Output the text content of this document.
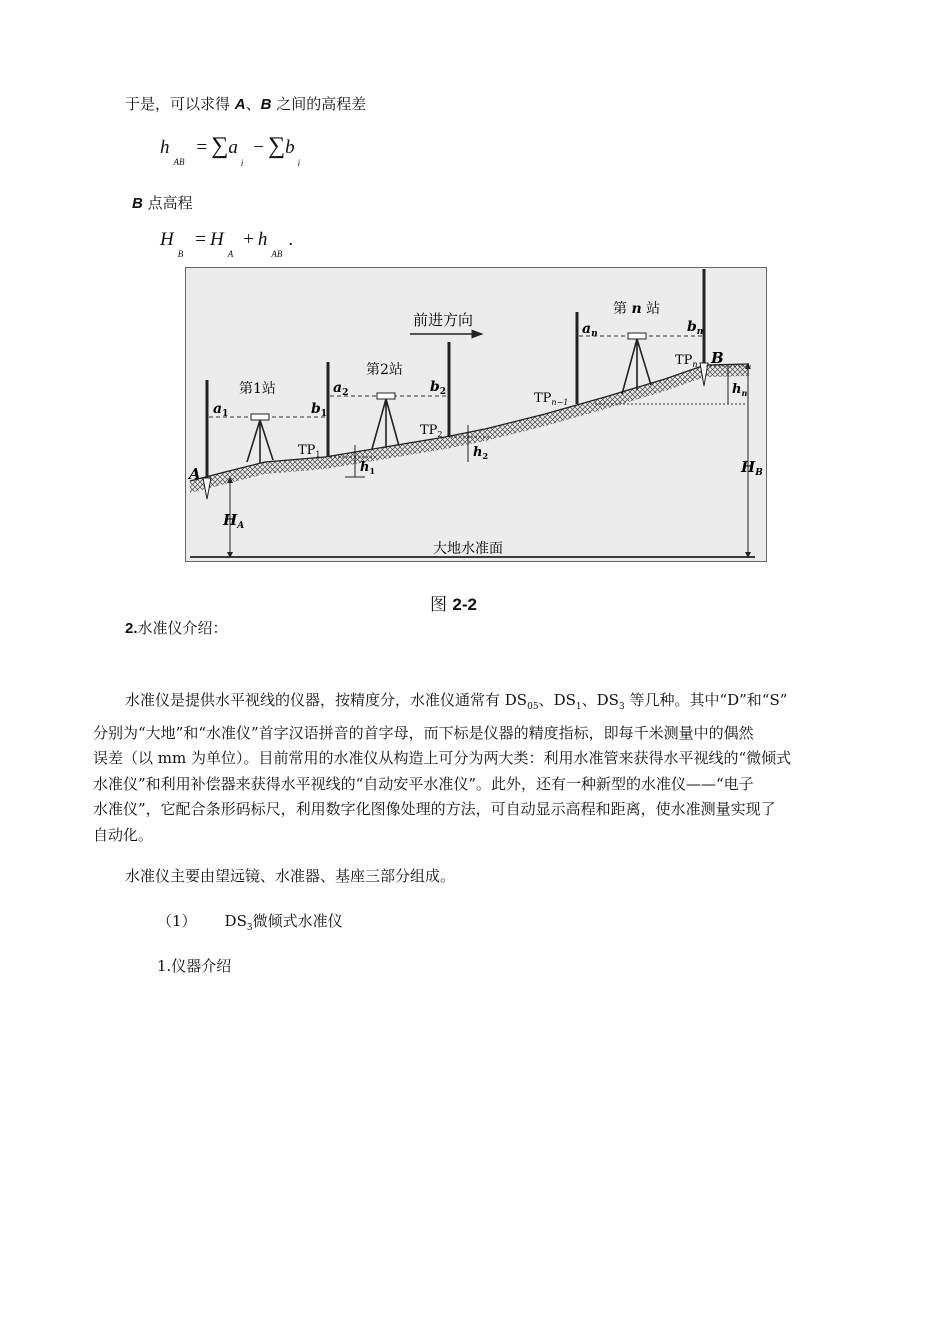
于是，可以求得 A、B 之间的高程差
$h_{AB}= \sum a_i- \sum b_i$
B 点高程
$H_B= H_A+ h_{AB}$.
前进方向
第1站
第2站
第 n 站
$a_1$	$b_1$
$a_2$	$b_2$
$a_n$	$b_n$
$TP_1$
$TP_2$
$TP_{n-1}$
$TP_n$
A
B
$h_1$
$h_2$
$h_n$
$H_A$
$H_B$
大地水准面
图 2-2
2.水准仪介绍：

水准仪是提供水平视线的仪器，按精度分，水准仪通常有 $DS_{05}$、$DS_1$、$DS_3$ 等几种。其中“D”和“S”

分别为“大地”和“水准仪”首字汉语拼音的首字母，而下标是仪器的精度指标，即每千米测量中的偶然

误差（以 mm 为单位）。目前常用的水准仪从构造上可分为两大类：利用水准管来获得水平视线的“微倾式

水准仪”和利用补偿器来获得水平视线的“自动安平水准仪”。此外，还有一种新型的水准仪——“电子

水准仪”，它配合条形码标尺，利用数字化图像处理的方法，可自动显示高程和距离，使水准测量实现了

自动化。

水准仪主要由望远镜、水准器、基座三部分组成。
（1） $DS_3$微倾式水准仪
1.仪器介绍
